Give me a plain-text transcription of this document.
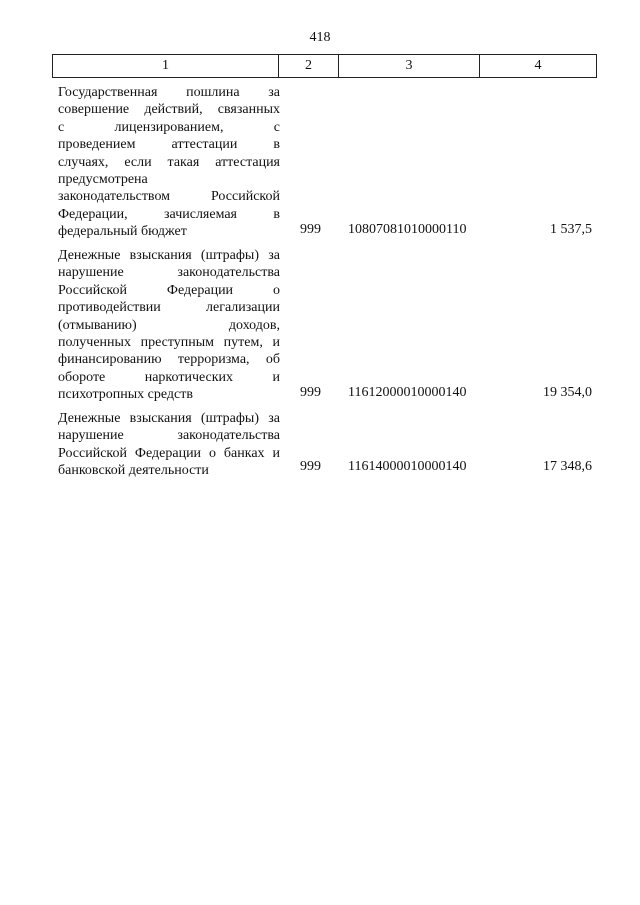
418
1	2	3	4
Государственная пошлина за
совершение действий, связанных
с лицензированием, с
проведением аттестации в
случаях, если такая аттестация
предусмотрена
законодательством Российской
Федерации, зачисляемая в
федеральный бюджет	999	10807081010000110	1 537,5
Денежные взыскания (штрафы) за
нарушение законодательства
Российской Федерации о
противодействии легализации
(отмыванию) доходов,
полученных преступным путем, и
финансированию терроризма, об
обороте наркотических и
психотропных средств	999	11612000010000140	19 354,0
Денежные взыскания (штрафы) за
нарушение законодательства
Российской Федерации о банках и
банковской деятельности	999	11614000010000140	17 348,6
